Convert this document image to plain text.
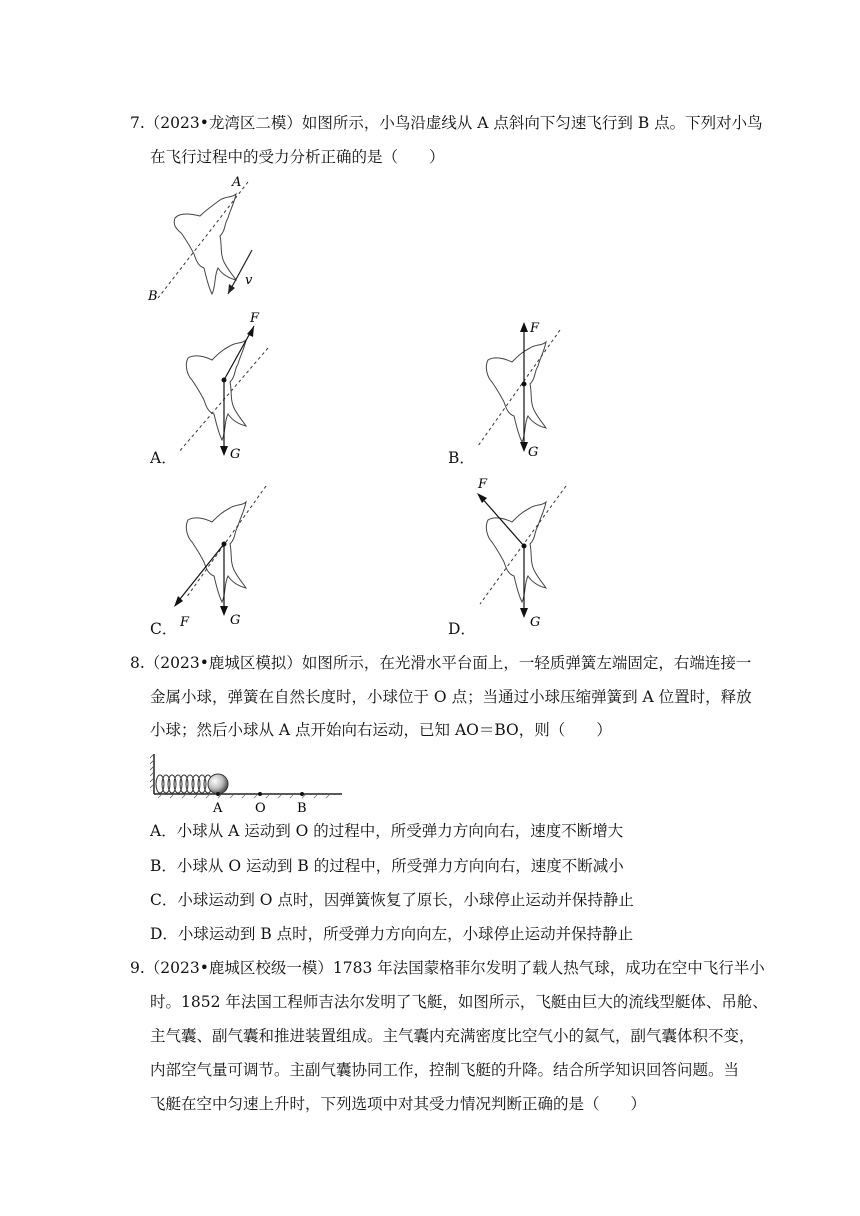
7.（2023•龙湾区二模）如图所示，小鸟沿虚线从 A 点斜向下匀速飞行到 B 点。下列对小鸟
在飞行过程中的受力分析正确的是（　　）
A
B
v
F
G
A．
F
G
B．
F	G
C．
F
G
D．
8.（2023•鹿城区模拟）如图所示，在光滑水平台面上，一轻质弹簧左端固定，右端连接一
金属小球，弹簧在自然长度时，小球位于 O 点；当通过小球压缩弹簧到 A 位置时，释放
小球；然后小球从 A 点开始向右运动，已知 AO＝BO，则（　　）
A	O B
A．小球从 A 运动到 O 的过程中，所受弹力方向向右，速度不断增大
B．小球从 O 运动到 B 的过程中，所受弹力方向向右，速度不断减小
C．小球运动到 O 点时，因弹簧恢复了原长，小球停止运动并保持静止
D．小球运动到 B 点时，所受弹力方向向左，小球停止运动并保持静止
9.（2023•鹿城区校级一模）1783 年法国蒙格菲尔发明了载人热气球，成功在空中飞行半小
时。1852 年法国工程师吉法尔发明了飞艇，如图所示，飞艇由巨大的流线型艇体、吊舱、
主气囊、副气囊和推进装置组成。主气囊内充满密度比空气小的氦气，副气囊体积不变，
内部空气量可调节。主副气囊协同工作，控制飞艇的升降。结合所学知识回答问题。当
飞艇在空中匀速上升时，下列选项中对其受力情况判断正确的是（　　）
